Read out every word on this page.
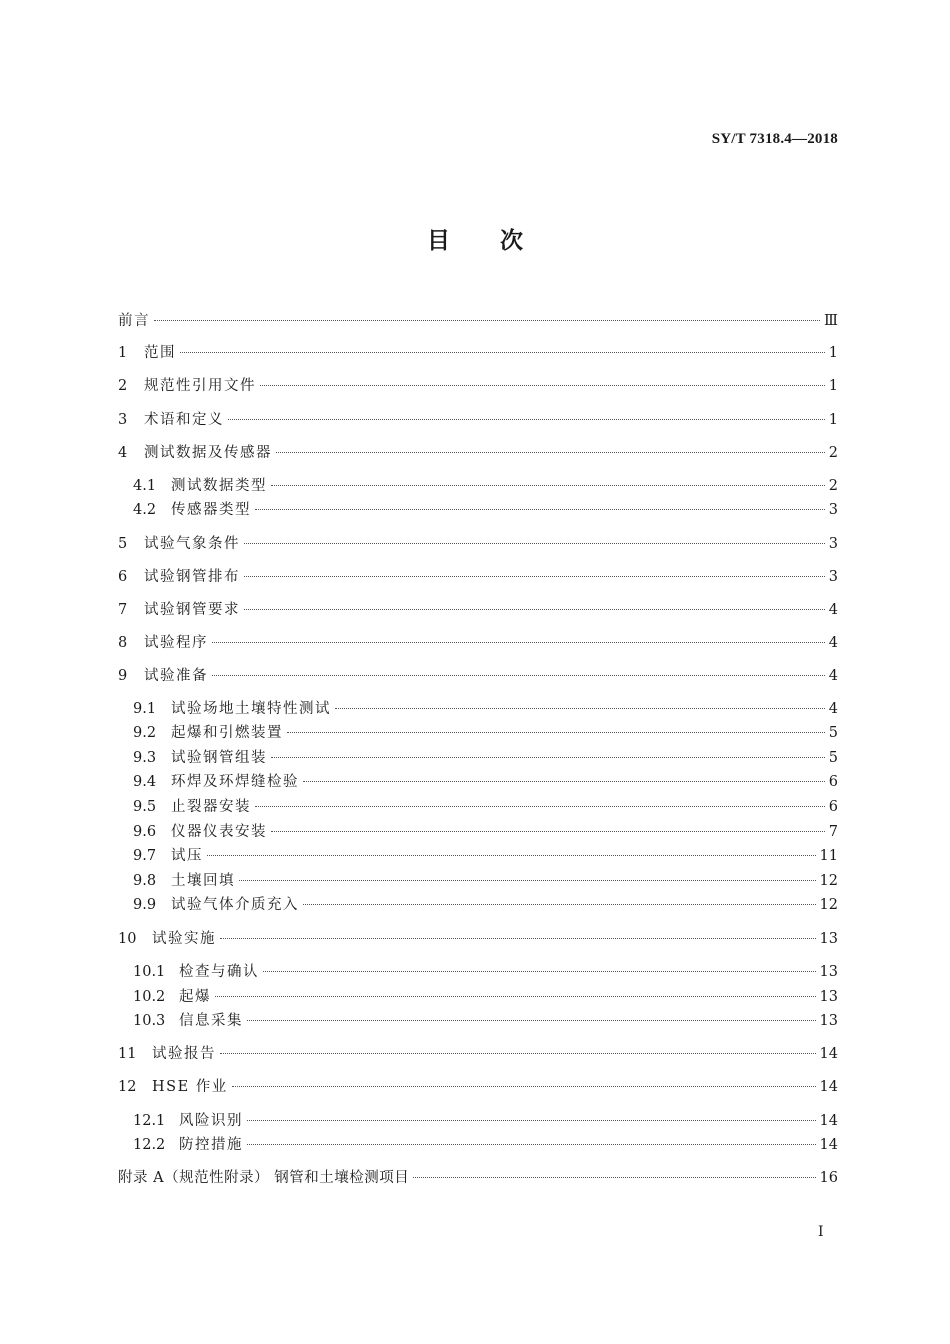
SY/T 7318.4—2018
目 次
前言	Ⅲ
1	范围	1
2	规范性引用文件	1
3	术语和定义	1
4	测试数据及传感器	2
4.1	测试数据类型	2
4.2	传感器类型	3
5	试验气象条件	3
6	试验钢管排布	3
7	试验钢管要求	4
8	试验程序	4
9	试验准备	4
9.1	试验场地土壤特性测试	4
9.2	起爆和引燃装置	5
9.3	试验钢管组装	5
9.4	环焊及环焊缝检验	6
9.5	止裂器安装	6
9.6	仪器仪表安装	7
9.7	试压	11
9.8	土壤回填	12
9.9	试验气体介质充入	12
10	试验实施	13
10.1 检查与确认	13
10.2 起爆	13
10.3 信息采集	13
11	试验报告	14
12	HSE 作业	14
12.1 风险识别	14
12.2 防控措施	14
附录 A（规范性附录） 钢管和土壤检测项目	16
I
